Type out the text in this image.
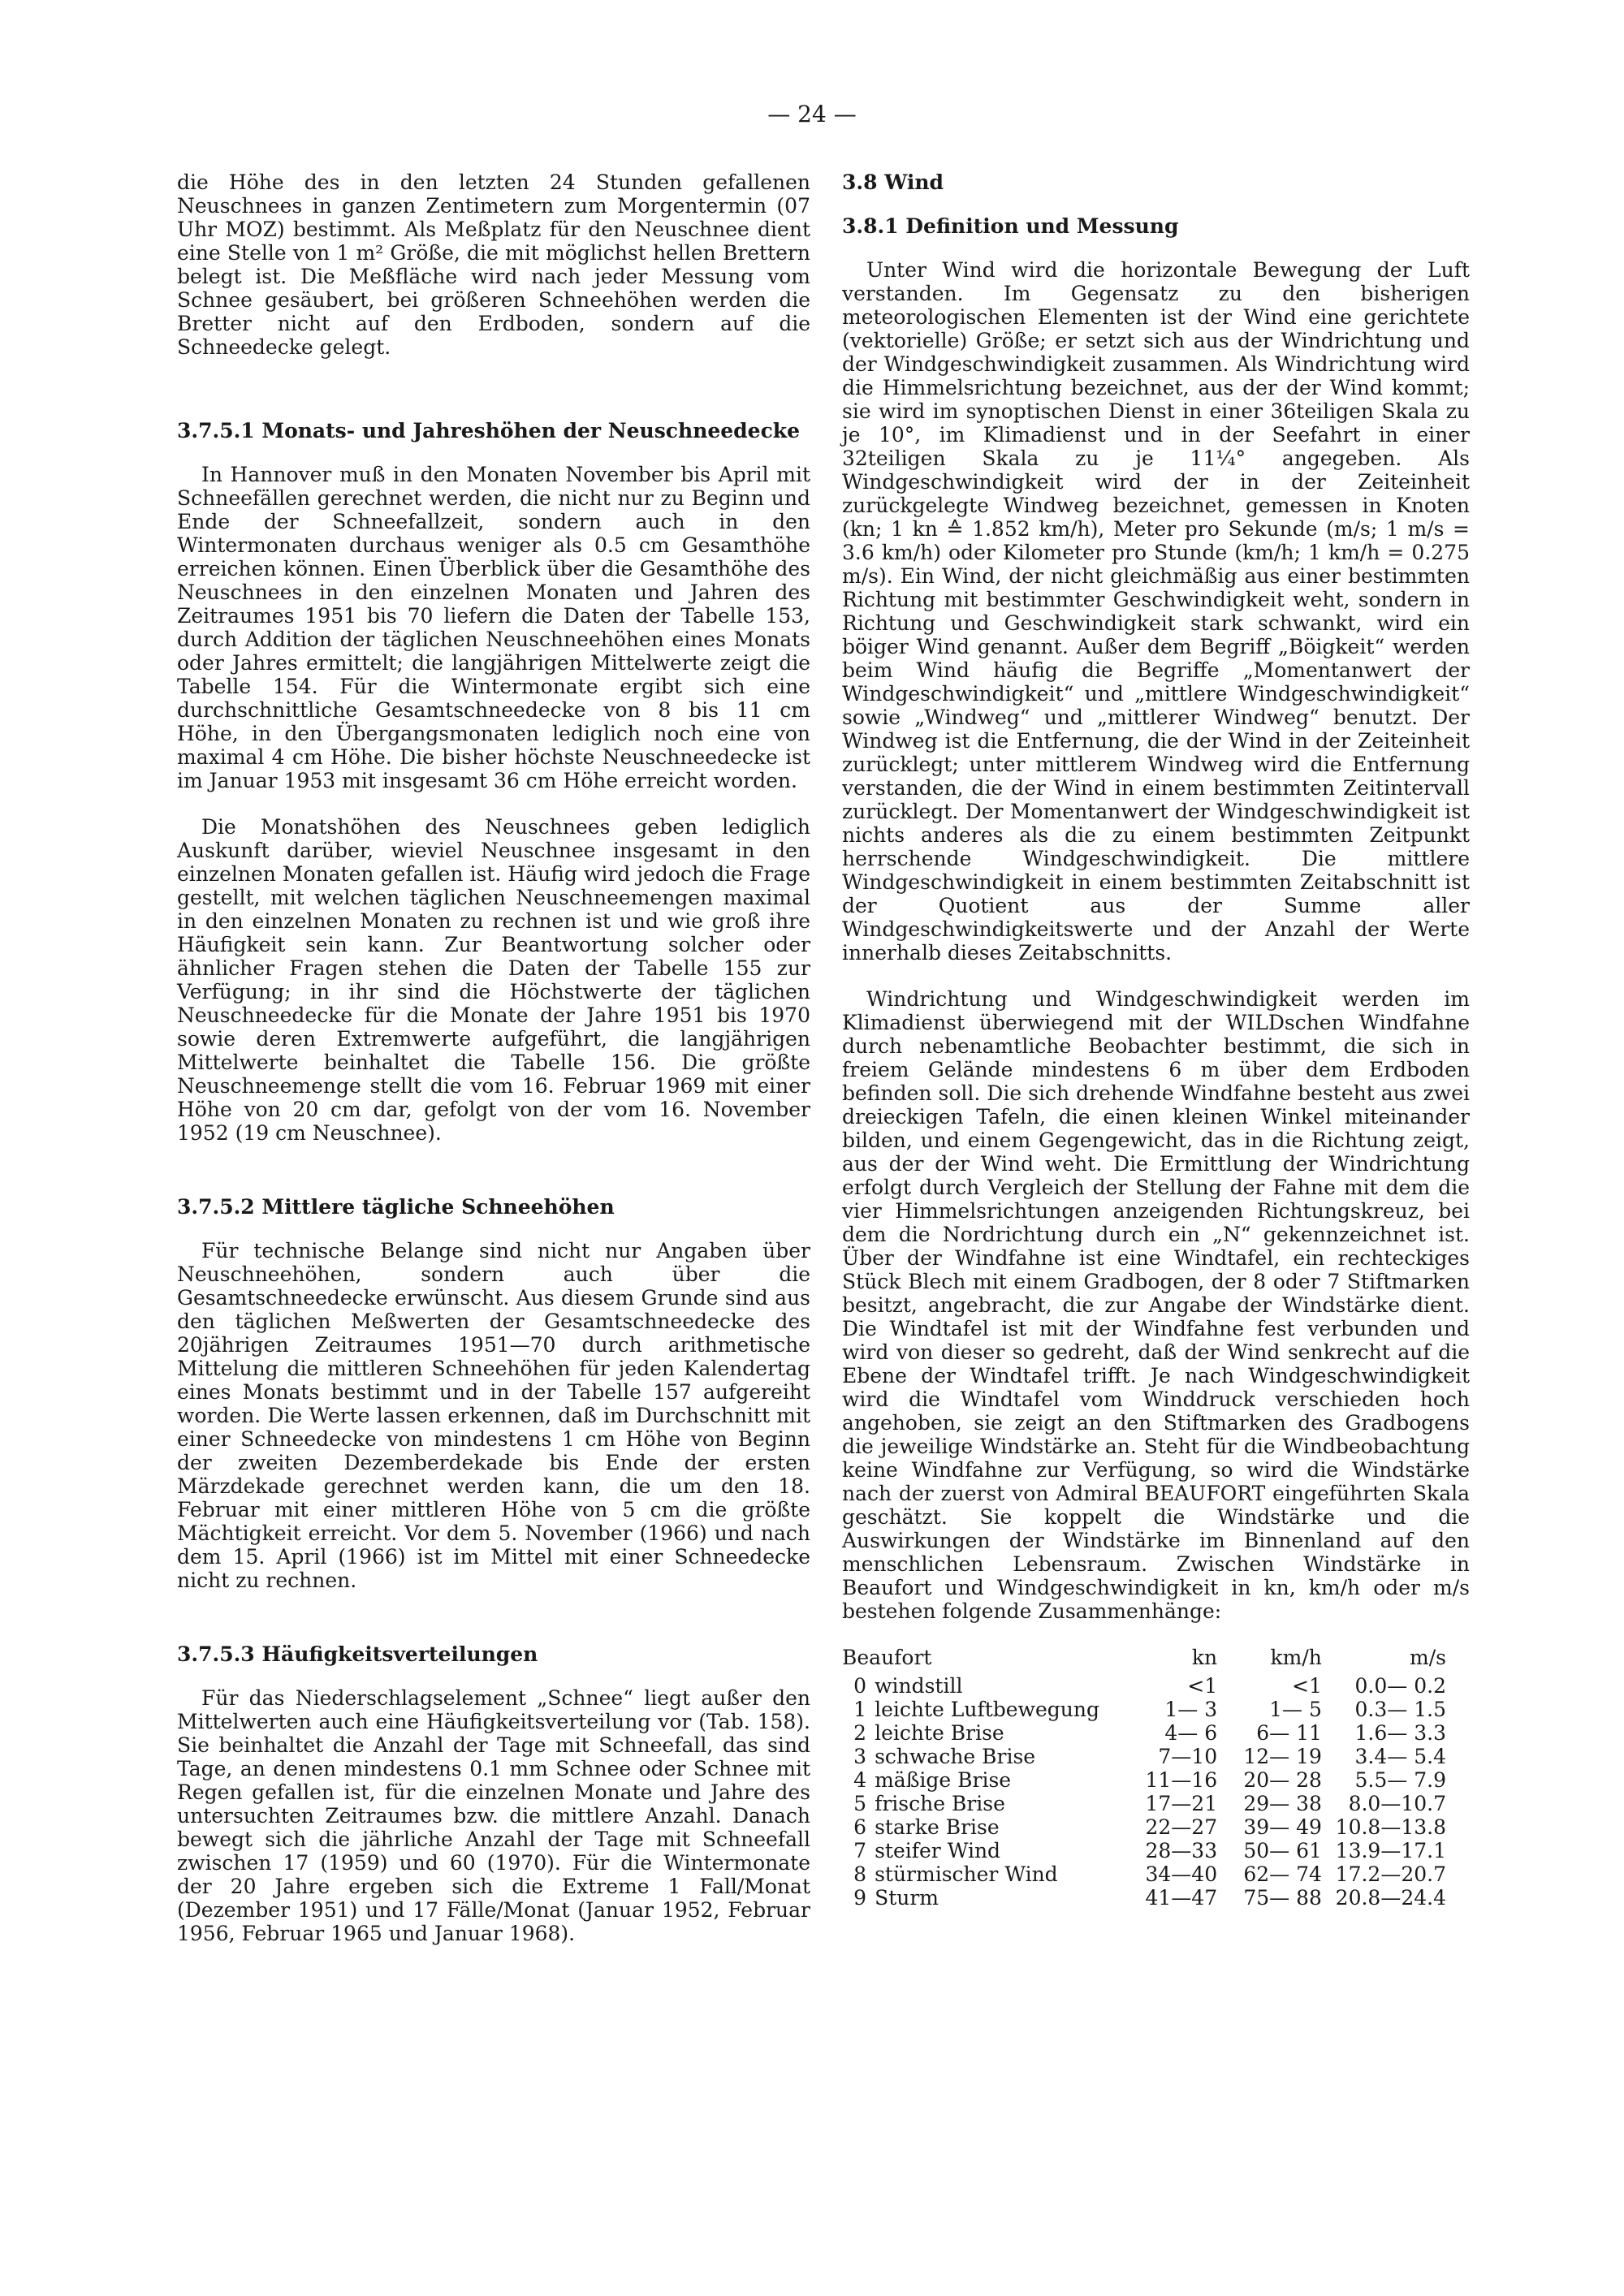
— 24 —

die Höhe des in den letzten 24 Stunden gefallenen Neuschnees in ganzen Zentimetern zum Morgentermin (07 Uhr MOZ) bestimmt. Als Meßplatz für den Neuschnee dient eine Stelle von 1 m² Größe, die mit möglichst hellen Brettern belegt ist. Die Meßfläche wird nach jeder Messung vom Schnee gesäubert, bei größeren Schneehöhen werden die Bretter nicht auf den Erdboden, sondern auf die Schneedecke gelegt.

3.7.5.1 Monats- und Jahreshöhen der Neuschneedecke

In Hannover muß in den Monaten November bis April mit Schneefällen gerechnet werden, die nicht nur zu Beginn und Ende der Schneefallzeit, sondern auch in den Wintermonaten durchaus weniger als 0.5 cm Gesamthöhe erreichen können. Einen Überblick über die Gesamthöhe des Neuschnees in den einzelnen Monaten und Jahren des Zeitraumes 1951 bis 70 liefern die Daten der Tabelle 153, durch Addition der täglichen Neuschneehöhen eines Monats oder Jahres ermittelt; die langjährigen Mittelwerte zeigt die Tabelle 154. Für die Wintermonate ergibt sich eine durchschnittliche Gesamtschneedecke von 8 bis 11 cm Höhe, in den Übergangsmonaten lediglich noch eine von maximal 4 cm Höhe. Die bisher höchste Neuschneedecke ist im Januar 1953 mit insgesamt 36 cm Höhe erreicht worden.

Die Monatshöhen des Neuschnees geben lediglich Auskunft darüber, wieviel Neuschnee insgesamt in den einzelnen Monaten gefallen ist. Häufig wird jedoch die Frage gestellt, mit welchen täglichen Neuschneemengen maximal in den einzelnen Monaten zu rechnen ist und wie groß ihre Häufigkeit sein kann. Zur Beantwortung solcher oder ähnlicher Fragen stehen die Daten der Tabelle 155 zur Verfügung; in ihr sind die Höchstwerte der täglichen Neuschneedecke für die Monate der Jahre 1951 bis 1970 sowie deren Extremwerte aufgeführt, die langjährigen Mittelwerte beinhaltet die Tabelle 156. Die größte Neuschneemenge stellt die vom 16. Februar 1969 mit einer Höhe von 20 cm dar, gefolgt von der vom 16. November 1952 (19 cm Neuschnee).

3.7.5.2 Mittlere tägliche Schneehöhen

Für technische Belange sind nicht nur Angaben über Neuschneehöhen, sondern auch über die Gesamtschneedecke erwünscht. Aus diesem Grunde sind aus den täglichen Meßwerten der Gesamtschneedecke des 20jährigen Zeitraumes 1951—70 durch arithmetische Mittelung die mittleren Schneehöhen für jeden Kalendertag eines Monats bestimmt und in der Tabelle 157 aufgereiht worden. Die Werte lassen erkennen, daß im Durchschnitt mit einer Schneedecke von mindestens 1 cm Höhe von Beginn der zweiten Dezemberdekade bis Ende der ersten Märzdekade gerechnet werden kann, die um den 18. Februar mit einer mittleren Höhe von 5 cm die größte Mächtigkeit erreicht. Vor dem 5. November (1966) und nach dem 15. April (1966) ist im Mittel mit einer Schneedecke nicht zu rechnen.

3.7.5.3 Häufigkeitsverteilungen

Für das Niederschlagselement „Schnee“ liegt außer den Mittelwerten auch eine Häufigkeitsverteilung vor (Tab. 158). Sie beinhaltet die Anzahl der Tage mit Schneefall, das sind Tage, an denen mindestens 0.1 mm Schnee oder Schnee mit Regen gefallen ist, für die einzelnen Monate und Jahre des untersuchten Zeitraumes bzw. die mittlere Anzahl. Danach bewegt sich die jährliche Anzahl der Tage mit Schneefall zwischen 17 (1959) und 60 (1970). Für die Wintermonate der 20 Jahre ergeben sich die Extreme 1 Fall/Monat (Dezember 1951) und 17 Fälle/Monat (Januar 1952, Februar 1956, Februar 1965 und Januar 1968).

3.8 Wind
3.8.1 Definition und Messung

Unter Wind wird die horizontale Bewegung der Luft verstanden. Im Gegensatz zu den bisherigen meteorologischen Elementen ist der Wind eine gerichtete (vektorielle) Größe; er setzt sich aus der Windrichtung und der Windgeschwindigkeit zusammen. Als Windrichtung wird die Himmelsrichtung bezeichnet, aus der der Wind kommt; sie wird im synoptischen Dienst in einer 36teiligen Skala zu je 10°, im Klimadienst und in der Seefahrt in einer 32teiligen Skala zu je 11¼° angegeben. Als Windgeschwindigkeit wird der in der Zeiteinheit zurückgelegte Windweg bezeichnet, gemessen in Knoten (kn; 1 kn ≙ 1.852 km/h), Meter pro Sekunde (m/s; 1 m/s = 3.6 km/h) oder Kilometer pro Stunde (km/h; 1 km/h = 0.275 m/s). Ein Wind, der nicht gleichmäßig aus einer bestimmten Richtung mit bestimmter Geschwindigkeit weht, sondern in Richtung und Geschwindigkeit stark schwankt, wird ein böiger Wind genannt. Außer dem Begriff „Böigkeit“ werden beim Wind häufig die Begriffe „Momentanwert der Windgeschwindigkeit“ und „mittlere Windgeschwindigkeit“ sowie „Windweg“ und „mittlerer Windweg“ benutzt. Der Windweg ist die Entfernung, die der Wind in der Zeiteinheit zurücklegt; unter mittlerem Windweg wird die Entfernung verstanden, die der Wind in einem bestimmten Zeitintervall zurücklegt. Der Momentanwert der Windgeschwindigkeit ist nichts anderes als die zu einem bestimmten Zeitpunkt herrschende Windgeschwindigkeit. Die mittlere Windgeschwindigkeit in einem bestimmten Zeitabschnitt ist der Quotient aus der Summe aller Windgeschwindigkeitswerte und der Anzahl der Werte innerhalb dieses Zeitabschnitts.

Windrichtung und Windgeschwindigkeit werden im Klimadienst überwiegend mit der WILDschen Windfahne durch nebenamtliche Beobachter bestimmt, die sich in freiem Gelände mindestens 6 m über dem Erdboden befinden soll. Die sich drehende Windfahne besteht aus zwei dreieckigen Tafeln, die einen kleinen Winkel miteinander bilden, und einem Gegengewicht, das in die Richtung zeigt, aus der der Wind weht. Die Ermittlung der Windrichtung erfolgt durch Vergleich der Stellung der Fahne mit dem die vier Himmelsrichtungen anzeigenden Richtungskreuz, bei dem die Nordrichtung durch ein „N“ gekennzeichnet ist. Über der Windfahne ist eine Windtafel, ein rechteckiges Stück Blech mit einem Gradbogen, der 8 oder 7 Stiftmarken besitzt, angebracht, die zur Angabe der Windstärke dient. Die Windtafel ist mit der Windfahne fest verbunden und wird von dieser so gedreht, daß der Wind senkrecht auf die Ebene der Windtafel trifft. Je nach Windgeschwindigkeit wird die Windtafel vom Winddruck verschieden hoch angehoben, sie zeigt an den Stiftmarken des Gradbogens die jeweilige Windstärke an. Steht für die Windbeobachtung keine Windfahne zur Verfügung, so wird die Windstärke nach der zuerst von Admiral BEAUFORT eingeführten Skala geschätzt. Sie koppelt die Windstärke und die Auswirkungen der Windstärke im Binnenland auf den menschlichen Lebensraum. Zwischen Windstärke in Beaufort und Windgeschwindigkeit in kn, km/h oder m/s bestehen folgende Zusammenhänge:

Beaufort		kn	km/h	m/s
0	windstill	<1	<1	0.0— 0.2
1	leichte Luftbewegung	1— 3	1— 5	0.3— 1.5
2	leichte Brise	4— 6	6— 11	1.6— 3.3
3	schwache Brise	7—10	12— 19	3.4— 5.4
4	mäßige Brise	11—16	20— 28	5.5— 7.9
5	frische Brise	17—21	29— 38	8.0—10.7
6	starke Brise	22—27	39— 49	10.8—13.8
7	steifer Wind	28—33	50— 61	13.9—17.1
8	stürmischer Wind	34—40	62— 74	17.2—20.7
9	Sturm	41—47	75— 88	20.8—24.4
